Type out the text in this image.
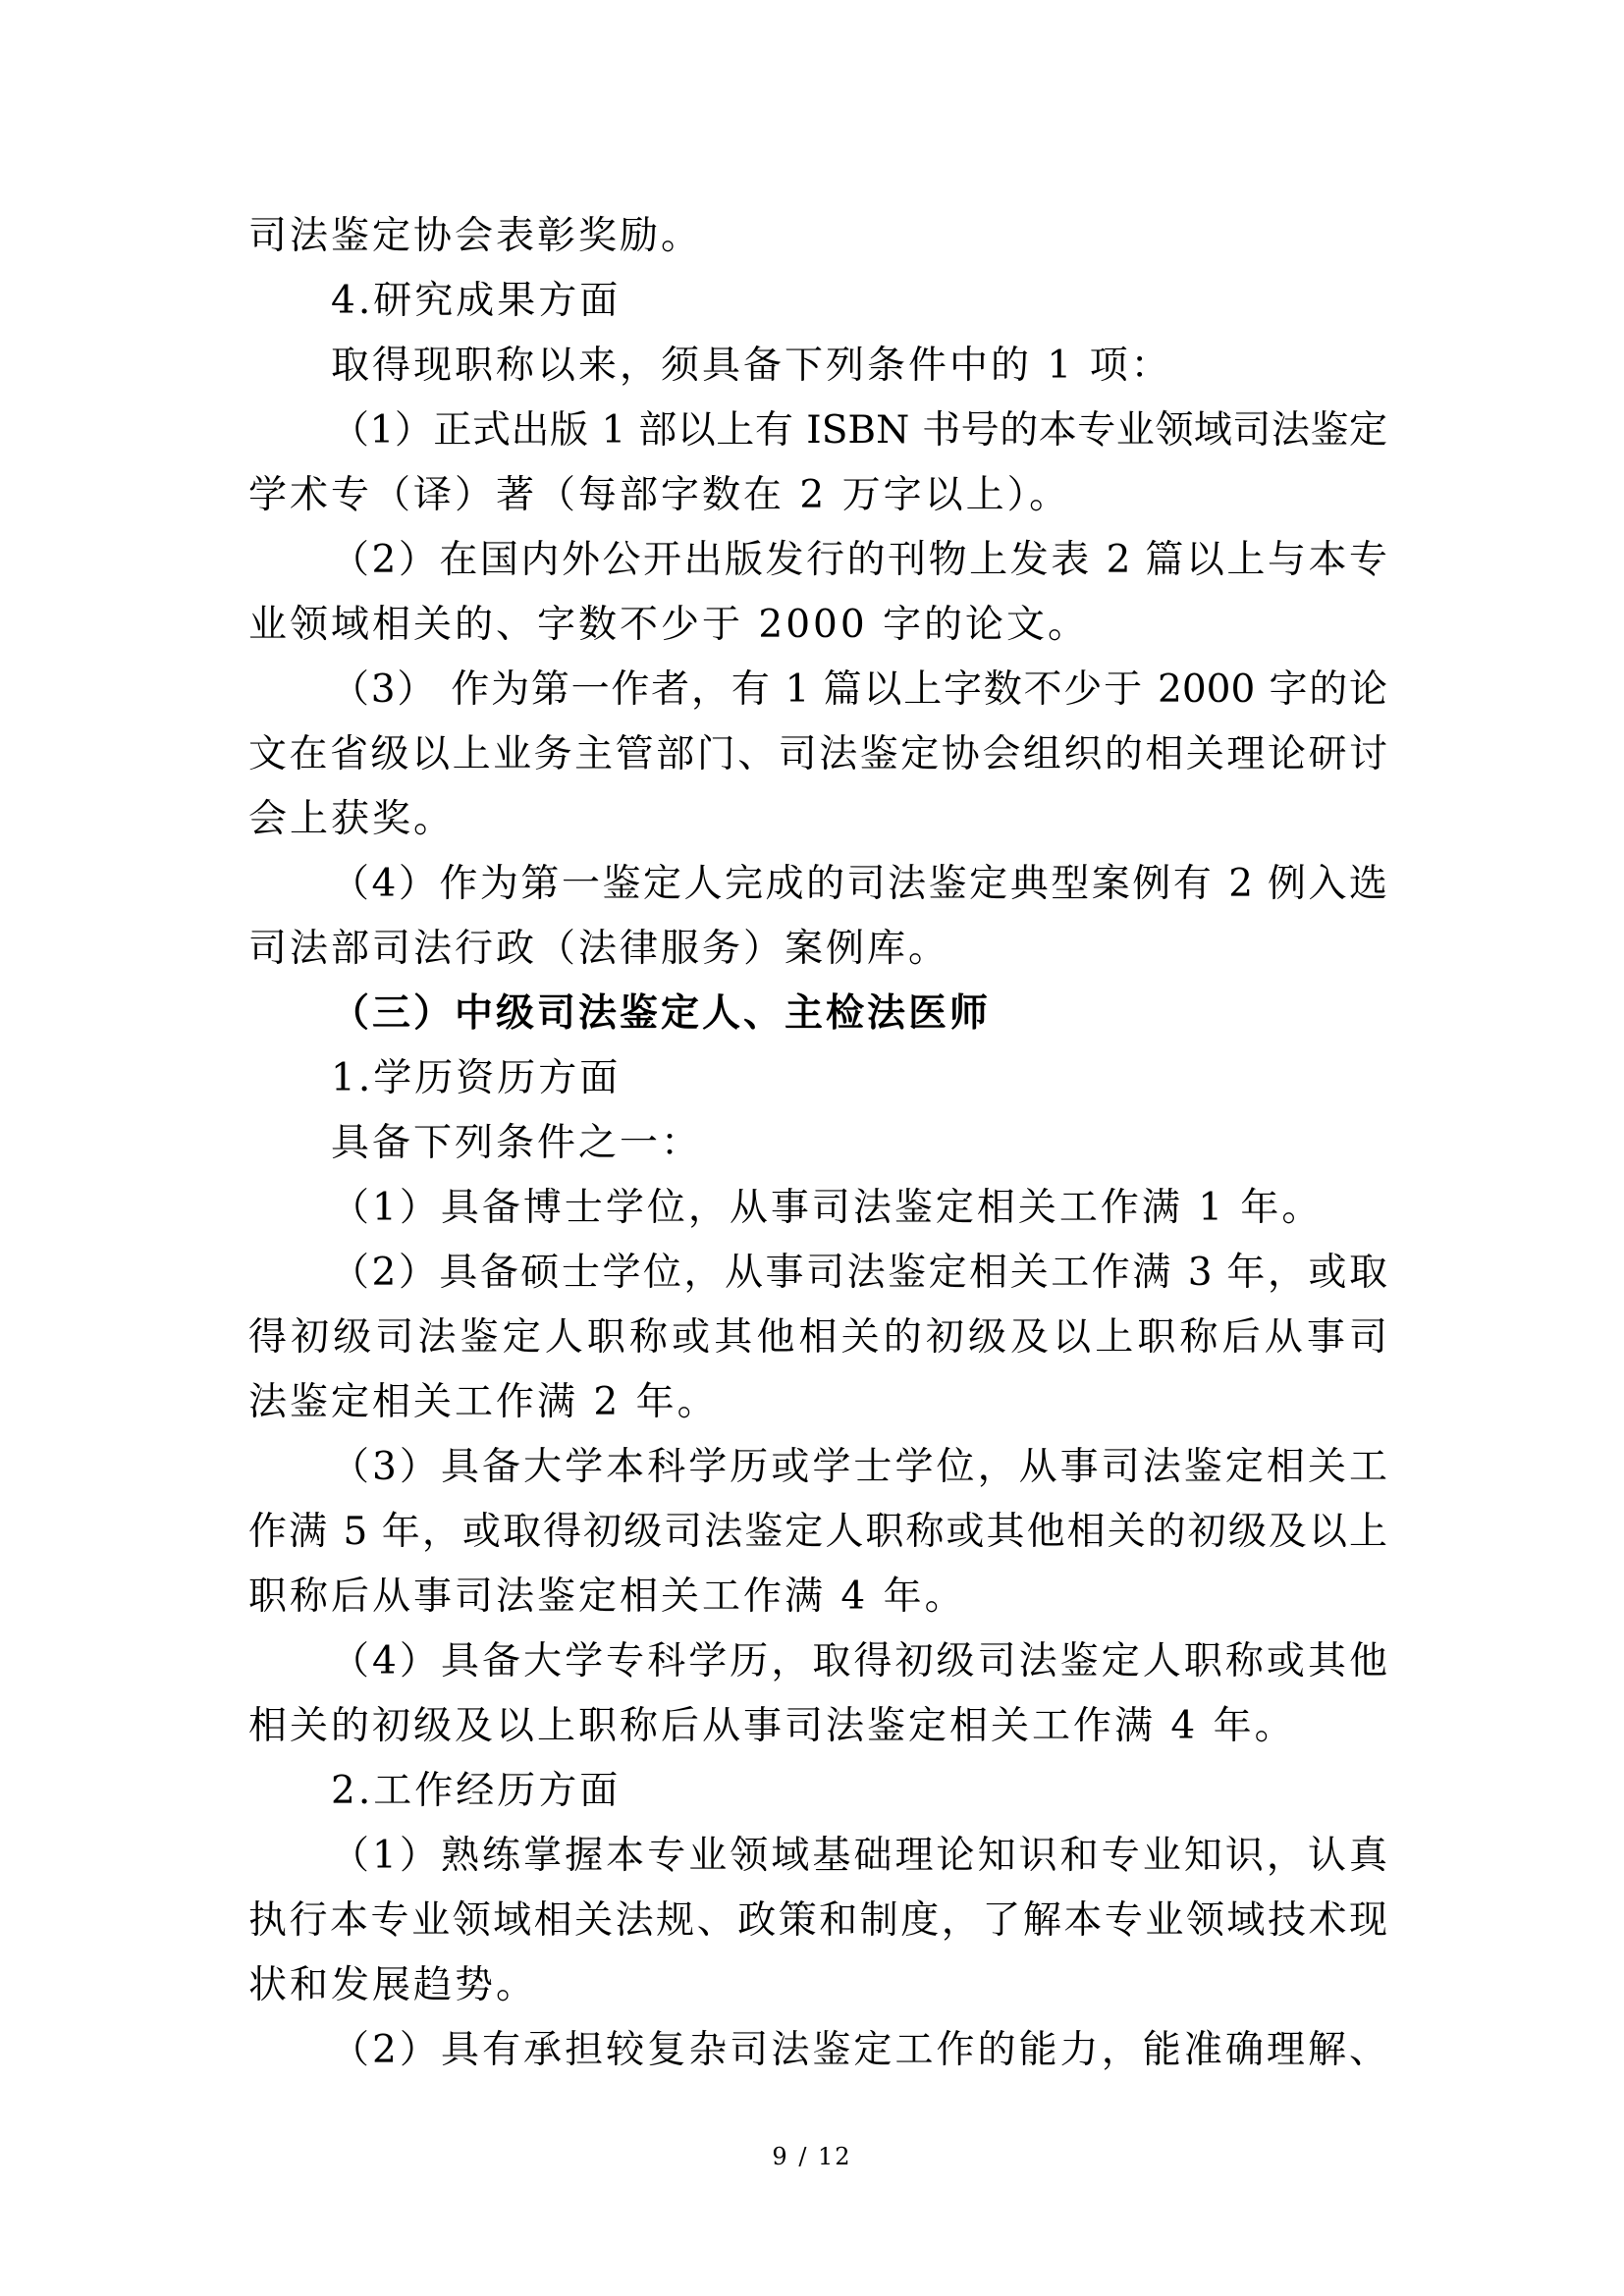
司法鉴定协会表彰奖励。
4.研究成果方面
取得现职称以来，须具备下列条件中的 1 项：
（1）正式出版 1 部以上有 ISBN 书号的本专业领域司法鉴定
学术专（译）著（每部字数在 2 万字以上）。
（2）在国内外公开出版发行的刊物上发表 2 篇以上与本专
业领域相关的、字数不少于 2000 字的论文。
（3） 作为第一作者，有 1 篇以上字数不少于 2000 字的论
文在省级以上业务主管部门、司法鉴定协会组织的相关理论研讨
会上获奖。
（4）作为第一鉴定人完成的司法鉴定典型案例有 2 例入选
司法部司法行政（法律服务）案例库。
（三）中级司法鉴定人、主检法医师
1.学历资历方面
具备下列条件之一：
（1）具备博士学位，从事司法鉴定相关工作满 1 年。
（2）具备硕士学位，从事司法鉴定相关工作满 3 年，或取
得初级司法鉴定人职称或其他相关的初级及以上职称后从事司
法鉴定相关工作满 2 年。
（3）具备大学本科学历或学士学位，从事司法鉴定相关工
作满 5 年，或取得初级司法鉴定人职称或其他相关的初级及以上
职称后从事司法鉴定相关工作满 4 年。
（4）具备大学专科学历，取得初级司法鉴定人职称或其他
相关的初级及以上职称后从事司法鉴定相关工作满 4 年。
2.工作经历方面
（1）熟练掌握本专业领域基础理论知识和专业知识，认真
执行本专业领域相关法规、政策和制度，了解本专业领域技术现
状和发展趋势。
（2）具有承担较复杂司法鉴定工作的能力，能准确理解、
9 / 12
